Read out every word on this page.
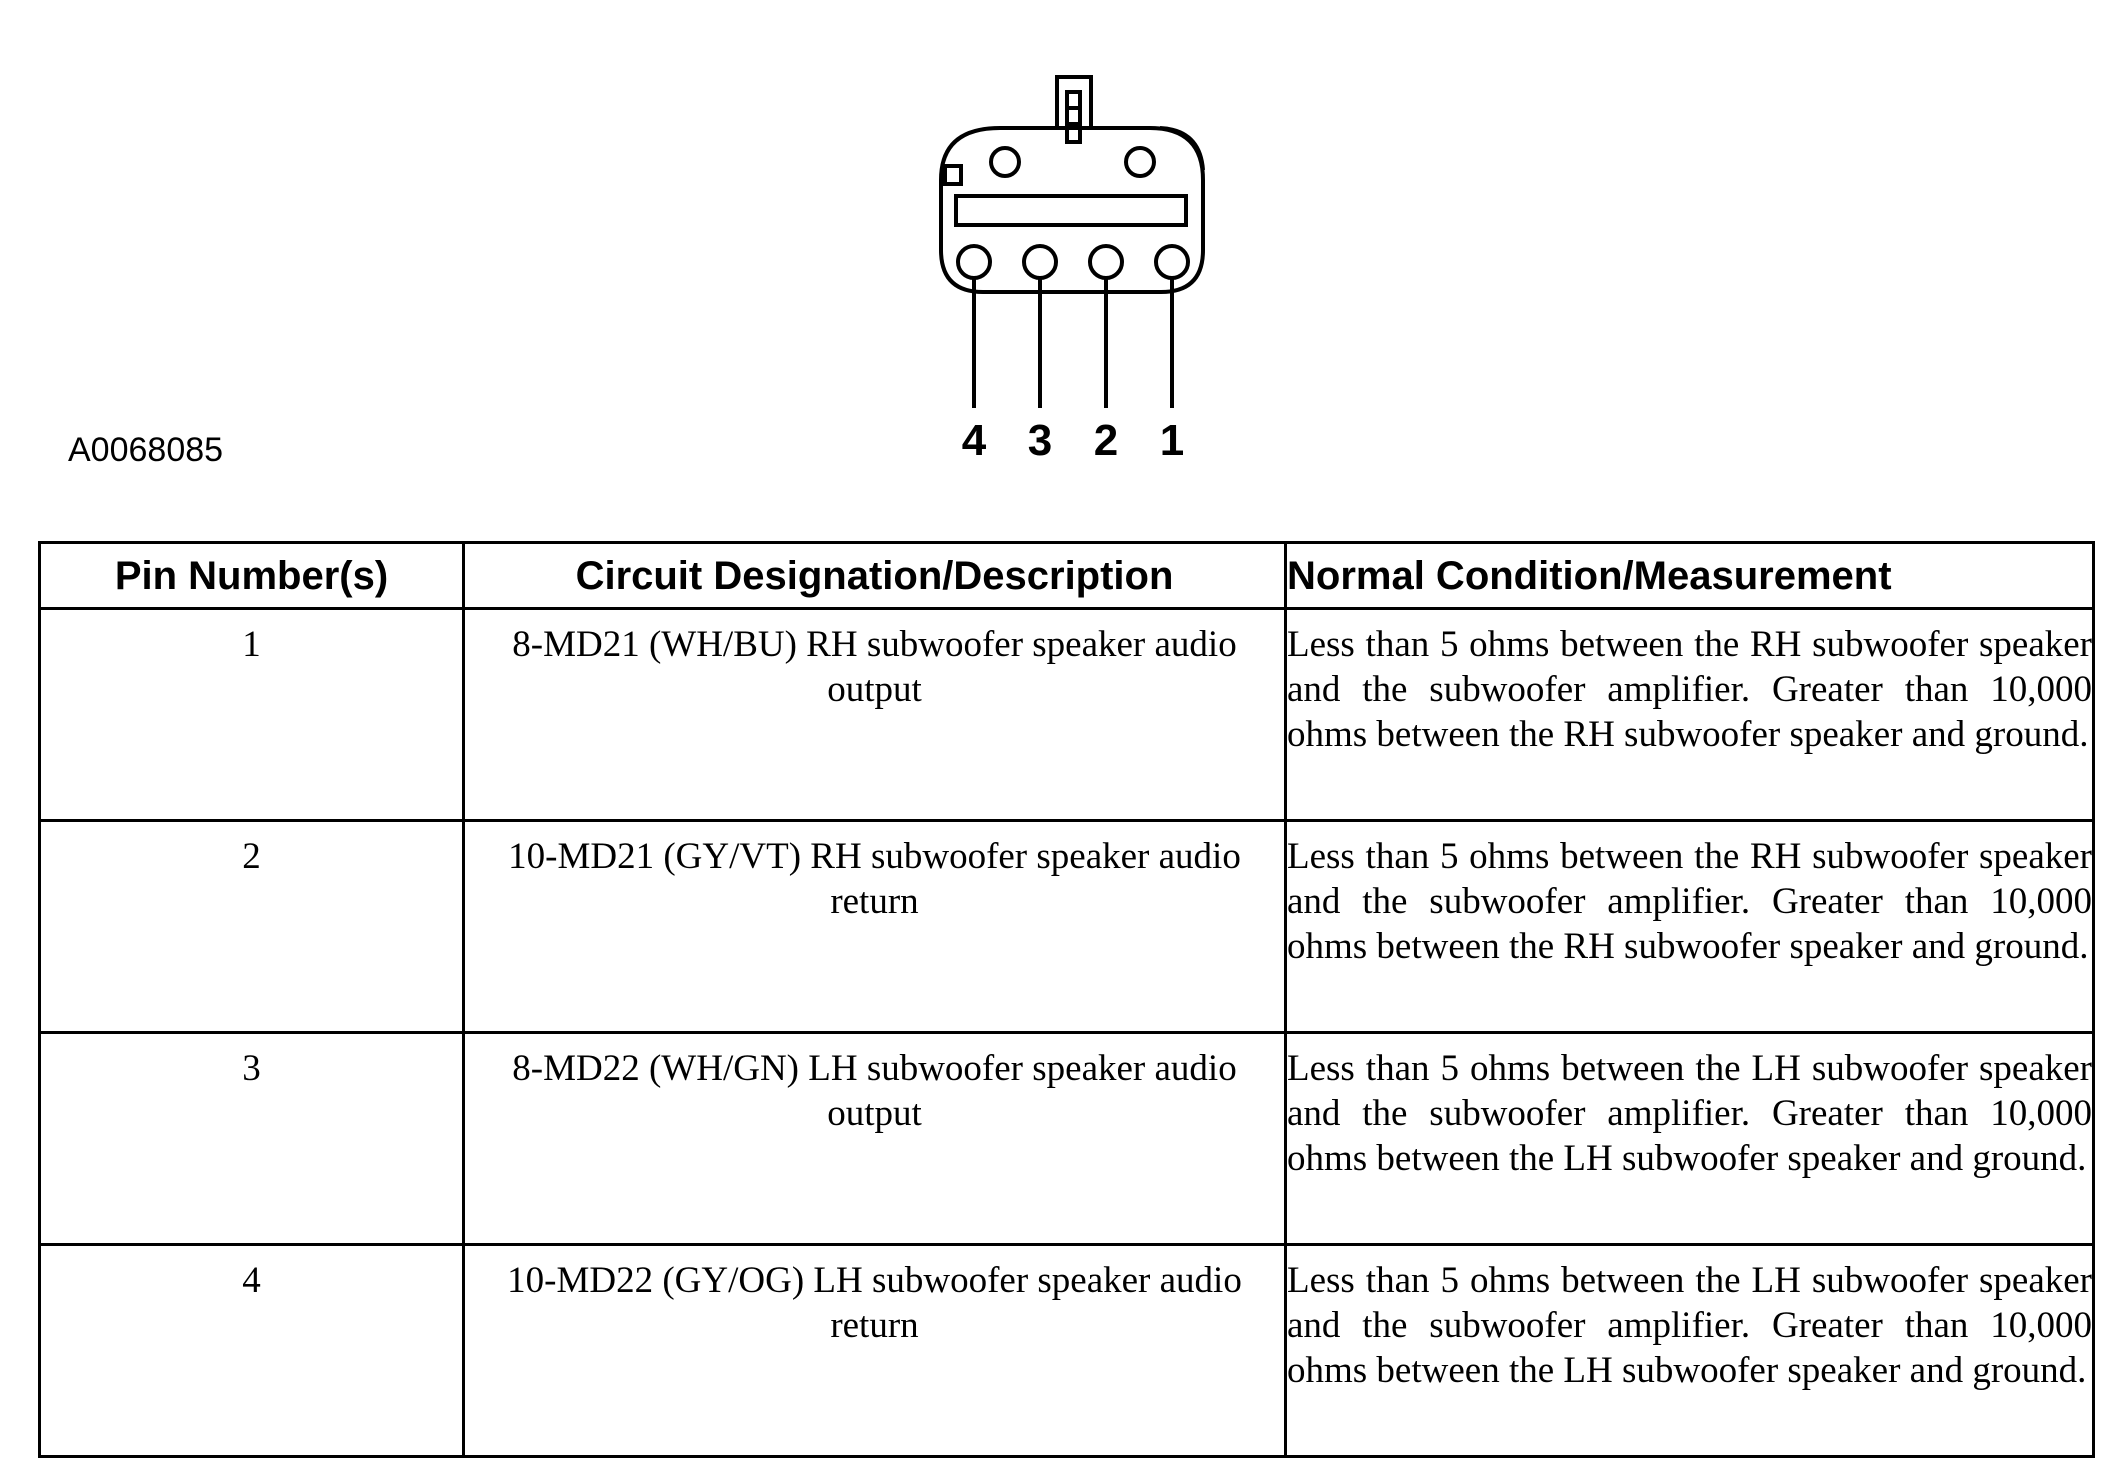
4 3 2 1
A0068085
Pin Number(s)	Circuit Designation/Description	Normal Condition/Measurement
1	8-MD21 (WH/BU) RH subwoofer speaker audio output	Less than 5 ohms between the RH subwoofer speaker and the subwoofer amplifier. Greater than 10,000 ohms between the RH subwoofer speaker and ground.
2	10-MD21 (GY/VT) RH subwoofer speaker audio return	Less than 5 ohms between the RH subwoofer speaker and the subwoofer amplifier. Greater than 10,000 ohms between the RH subwoofer speaker and ground.
3	8-MD22 (WH/GN) LH subwoofer speaker audio output	Less than 5 ohms between the LH subwoofer speaker and the subwoofer amplifier. Greater than 10,000 ohms between the LH subwoofer speaker and ground.
4	10-MD22 (GY/OG) LH subwoofer speaker audio return	Less than 5 ohms between the LH subwoofer speaker and the subwoofer amplifier. Greater than 10,000 ohms between the LH subwoofer speaker and ground.
